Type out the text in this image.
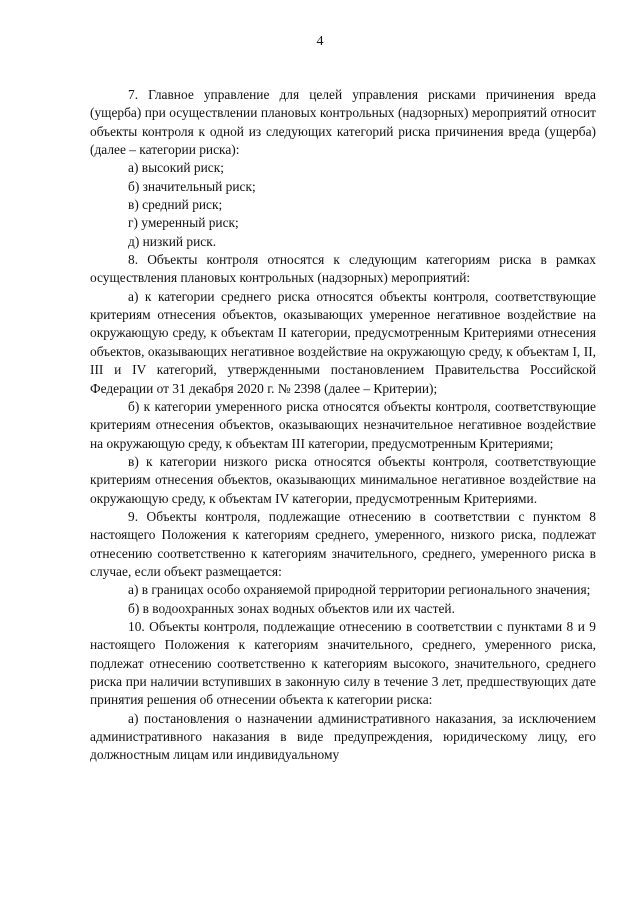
4

7. Главное управление для целей управления рисками причинения вреда (ущерба) при осуществлении плановых контрольных (надзорных) мероприятий относит объекты контроля к одной из следующих категорий риска причинения вреда (ущерба) (далее – категории риска):

а) высокий риск;

б) значительный риск;

в) средний риск;

г) умеренный риск;

д) низкий риск.

8. Объекты контроля относятся к следующим категориям риска в рамках осуществления плановых контрольных (надзорных) мероприятий:

а) к категории среднего риска относятся объекты контроля, соответствующие критериям отнесения объектов, оказывающих умеренное негативное воздействие на окружающую среду, к объектам II категории, предусмотренным Критериями отнесения объектов, оказывающих негативное воздействие на окружающую среду, к объектам I, II, III и IV категорий, утвержденными постановлением Правительства Российской Федерации от 31 декабря 2020 г. № 2398 (далее – Критерии);

б) к категории умеренного риска относятся объекты контроля, соответствующие критериям отнесения объектов, оказывающих незначительное негативное воздействие на окружающую среду, к объектам III категории, предусмотренным Критериями;

в) к категории низкого риска относятся объекты контроля, соответствующие критериям отнесения объектов, оказывающих минимальное негативное воздействие на окружающую среду, к объектам IV категории, предусмотренным Критериями.

9. Объекты контроля, подлежащие отнесению в соответствии с пунктом 8 настоящего Положения к категориям среднего, умеренного, низкого риска, подлежат отнесению соответственно к категориям значительного, среднего, умеренного риска в случае, если объект размещается:

а) в границах особо охраняемой природной территории регионального значения;

б) в водоохранных зонах водных объектов или их частей.

10. Объекты контроля, подлежащие отнесению в соответствии с пунктами 8 и 9 настоящего Положения к категориям значительного, среднего, умеренного риска, подлежат отнесению соответственно к категориям высокого, значительного, среднего риска при наличии вступивших в законную силу в течение 3 лет, предшествующих дате принятия решения об отнесении объекта к категории риска:

а) постановления о назначении административного наказания, за исключением административного наказания в виде предупреждения, юридическому лицу, его должностным лицам или индивидуальному
